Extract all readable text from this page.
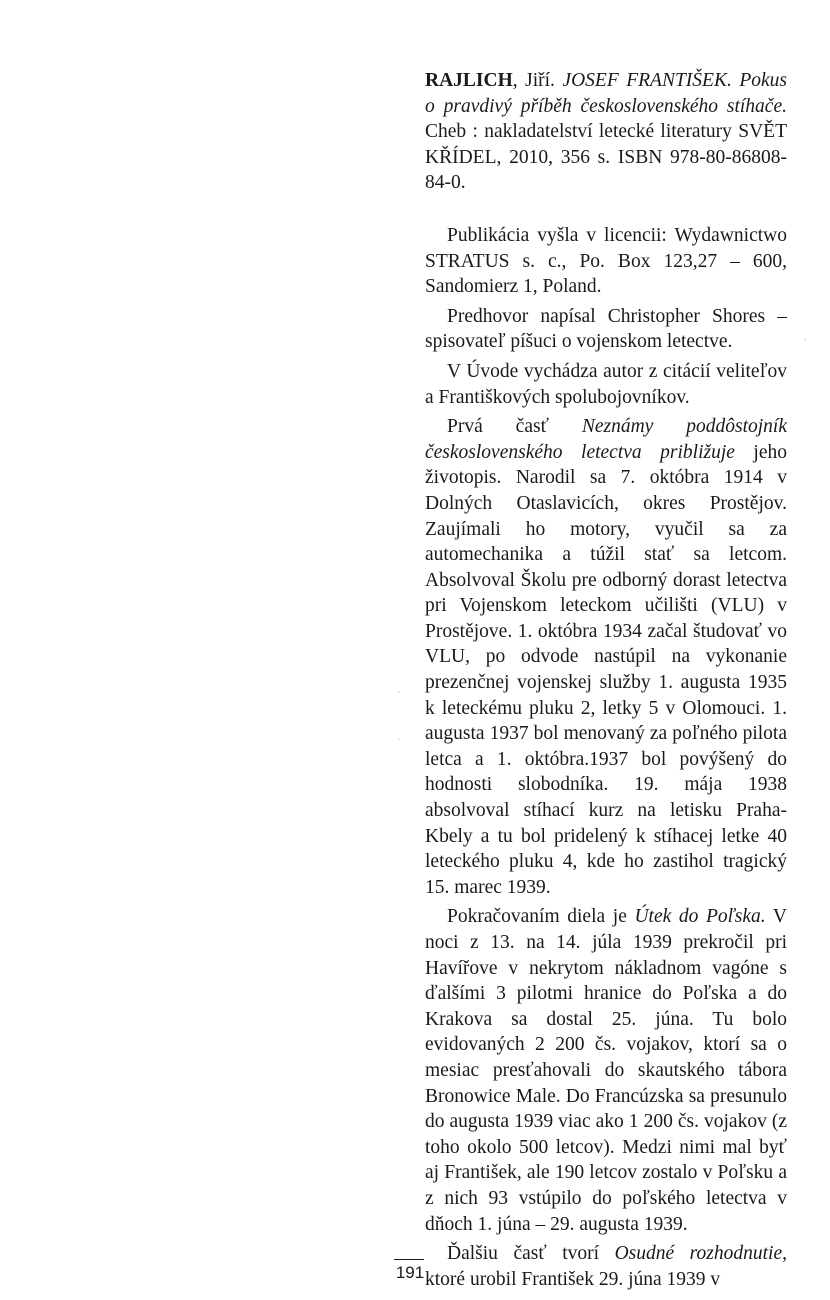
RAJLICH, Jiří. JOSEF FRANTIŠEK. Pokus o pravdivý příběh československého stíhače. Cheb : nakladatelství letecké literatury SVĚT KŘÍDEL, 2010, 356 s. ISBN 978-80-86808-84-0.

Publikácia vyšla v licencii: Wydawnictwo STRATUS s. c., Po. Box 123,27 – 600, Sandomierz 1, Poland.

Predhovor napísal Christopher Shores – spisovateľ píšuci o vojenskom letectve.

V Úvode vychádza autor z citácií veliteľov a Františkových spolubojovníkov.

Prvá časť Neznámy poddôstojník československého letectva približuje jeho životopis. Narodil sa 7. októbra 1914 v Dolných Otaslavicích, okres Prostějov. Zaujímali ho motory, vyučil sa za automechanika a túžil stať sa letcom. Absolvoval Školu pre odborný dorast letectva pri Vojenskom leteckom učilišti (VLU) v Prostějove. 1. októbra 1934 začal študovať vo VLU, po odvode nastúpil na vykonanie prezenčnej vojenskej služby 1. augusta 1935 k leteckému pluku 2, letky 5 v Olomouci. 1. augusta 1937 bol menovaný za poľného pilota letca a 1. októbra.1937 bol povýšený do hodnosti slobodníka. 19. mája 1938 absolvoval stíhací kurz na letisku Praha-Kbely a tu bol pridelený k stíhacej letke 40 leteckého pluku 4, kde ho zastihol tragický 15. marec 1939.

Pokračovaním diela je Útek do Poľska. V noci z 13. na 14. júla 1939 prekročil pri Havířove v nekrytom nákladnom vagóne s ďalšími 3 pilotmi hranice do Poľska a do Krakova sa dostal 25. júna. Tu bolo evidovaných 2 200 čs. vojakov, ktorí sa o mesiac presťahovali do skautského tábora Bronowice Male. Do Francúzska sa presunulo do augusta 1939 viac ako 1 200 čs. vojakov (z toho okolo 500 letcov). Medzi nimi mal byť aj František, ale 190 letcov zostalo v Poľsku a z nich 93 vstúpilo do poľského letectva v dňoch 1. júna – 29. augusta 1939.

Ďalšiu časť tvorí Osudné rozhodnutie, ktoré urobil František 29. júna 1939 v

·
·
·
191
